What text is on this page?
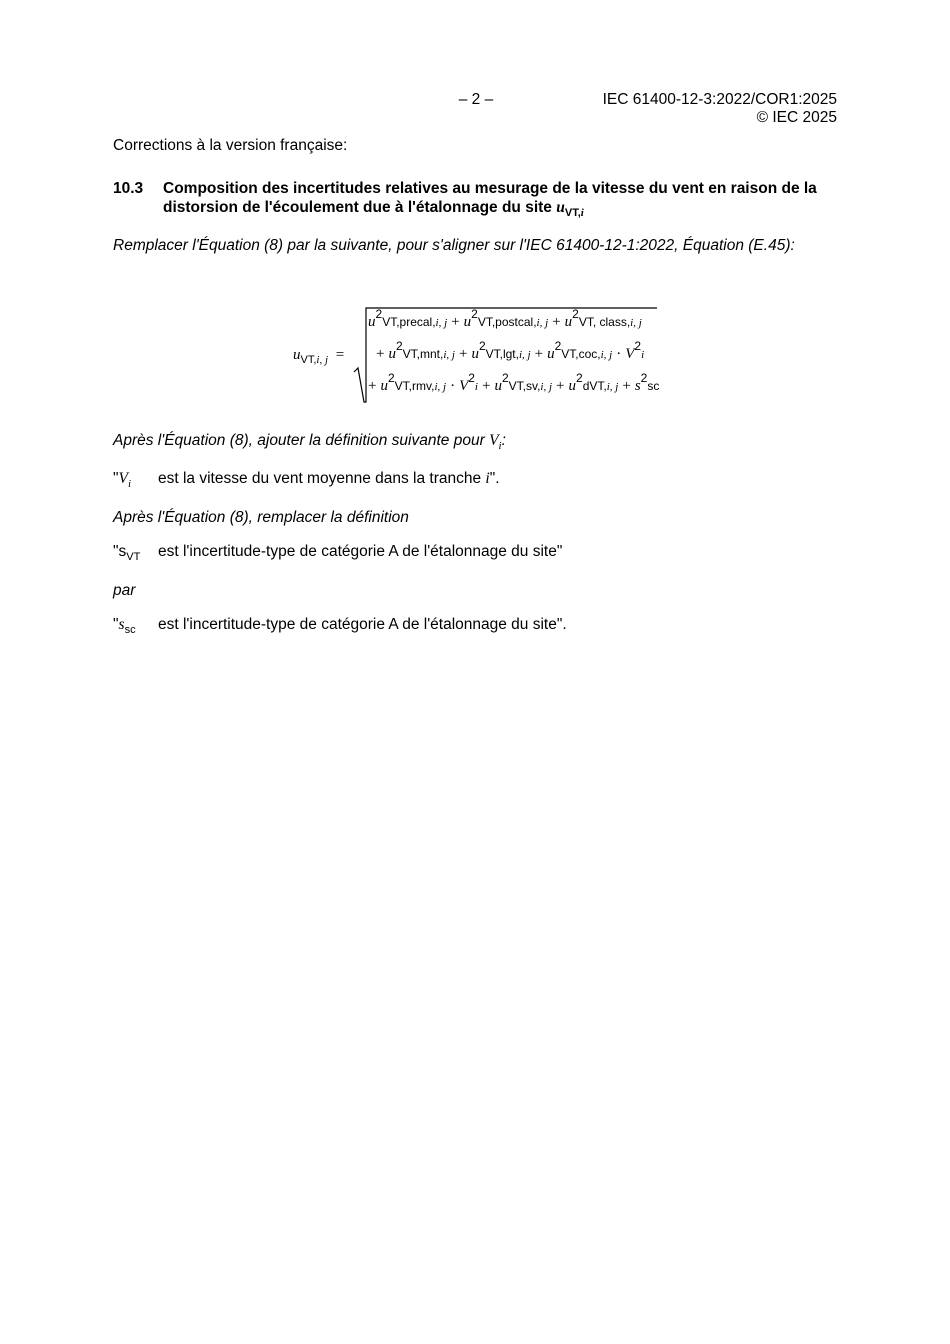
– 2 –	IEC 61400-12-3:2022/COR1:2025
© IEC 2025
Corrections à la version française:
10.3 Composition des incertitudes relatives au mesurage de la vitesse du vent en raison de la distorsion de l'écoulement due à l'étalonnage du site $u_{VT,i}$
Remplacer l'Équation (8) par la suivante, pour s'aligner sur l'IEC 61400-12-1:2022, Équation (E.45):
$u_{VT,i, j}$ =
$u^2VT,precal,i$, $j + u^2VT,postcal,i$, $j + u^2VT$, class,i, j
+ $u^2VT,mnt,i$, $j + u^2VT,\lg t,i$, $j + u^2VT,coc,i$, $j \cdot V^2i$
+ $u^2VT,rmv,i$, $j \cdot V^2i + u^2VT,sv,i$, $j + u^2dVT,i$, $j + s^2sc$
Après l'Équation (8), ajouter la définition suivante pour $V_i$:
"$V_i$ est la vitesse du vent moyenne dans la tranche i".
Après l'Équation (8), remplacer la définition
"$s_{VT}$ est l'incertitude-type de catégorie A de l'étalonnage du site"
par
"$s_{sc}$ est l'incertitude-type de catégorie A de l'étalonnage du site".
